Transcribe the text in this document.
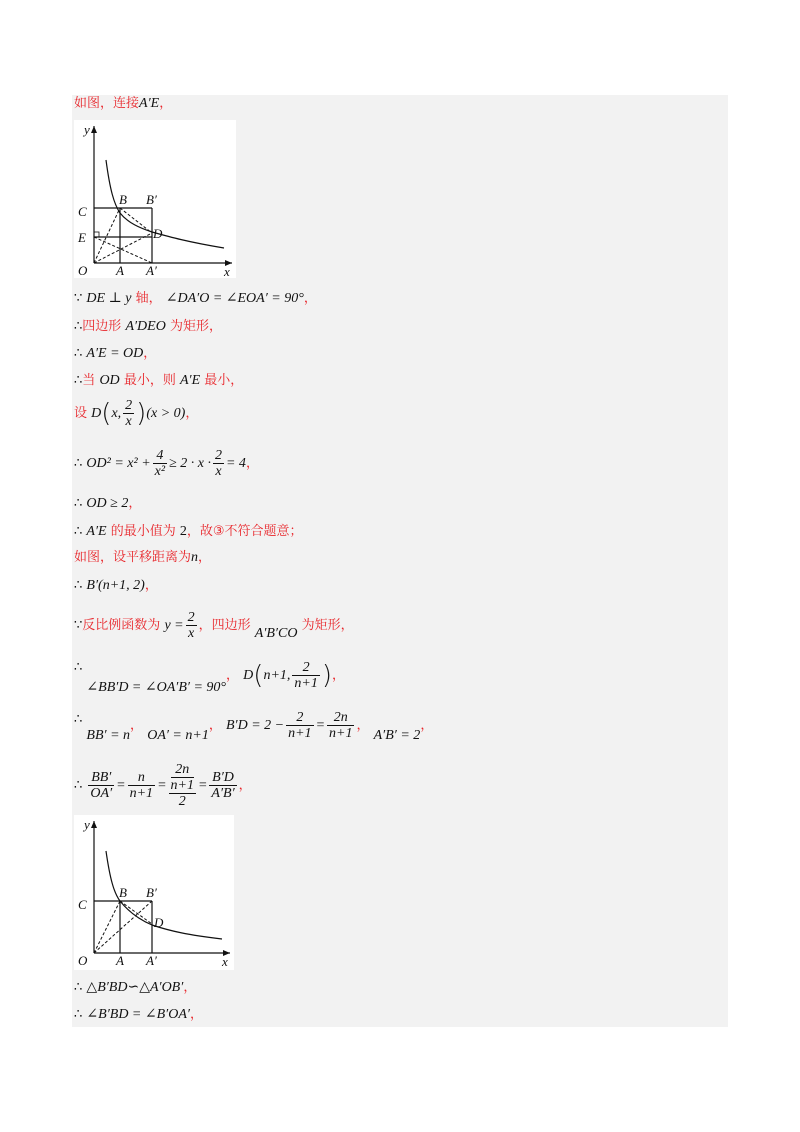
如图，连接A′E，
y
x
O
C
E
A A′
B B′
D
∵ DE ⊥ y 轴， ∠DA′O = ∠EOA′ = 90°，
∴四边形 A′DEO 为矩形，
∴ A′E = OD，
∴当 OD 最小，则 A′E 最小，
设 D(x, $\frac{2}{x} )(x > 0)$，
∴ $OD^2 = x^2 + \frac{4}{\text{x²}} \ge 2 \cdot x \cdot \frac{2}{x} = 4$，
∴ OD ≥ 2，
∴ A′E 的最小值为 2，故③不符合题意；
如图，设平移距离为n，
∴ B′(n+1, 2)，
∵反比例函数为 $y = \frac{2}{x}$ ，四边形 A′B′CO 为矩形，
∴ ∠BB′D = ∠OA′B′ = 90°， D(n+1, $\frac{2}{n+1}$ )，
∴ BB′ = n， OA′ = n+1， $B'D = 2 - \frac{2}{n+1} = \frac{2n}{n+1}$ ， A′B′ = 2，
∴ $\frac{BB'}{OA'} = \frac{n}{n+1} = 2n$
n+1
$2 = \frac{B'D}{A'B'}$ ，
y
x
O
C
A A′
B B′
D
∴ △B′BD∽△A′OB′，
∴ ∠B′BD = ∠B′OA′，
